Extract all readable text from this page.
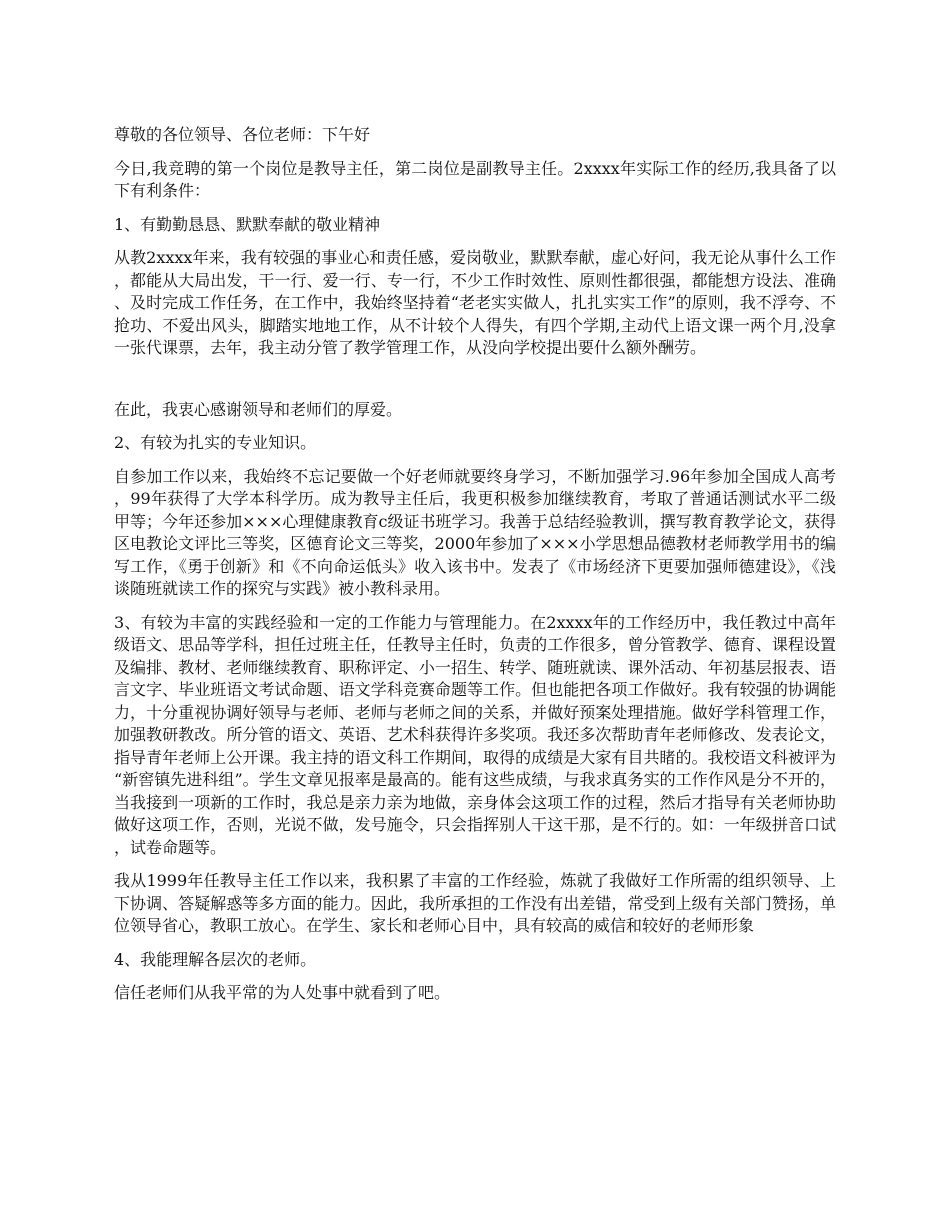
尊敬的各位领导、各位老师：下午好

今日,我竞聘的第一个岗位是教导主任，第二岗位是副教导主任。2xxxx年实际工作的经历,我具备了以下有利条件：

1、有勤勤恳恳、默默奉献的敬业精神

从教2xxxx年来，我有较强的事业心和责任感，爱岗敬业，默默奉献，虚心好问，我无论从事什么工作，都能从大局出发，干一行、爱一行、专一行，不少工作时效性、原则性都很强，都能想方设法、准确、及时完成工作任务，在工作中，我始终坚持着“老老实实做人，扎扎实实工作”的原则，我不浮夸、不抢功、不爱出风头，脚踏实地地工作，从不计较个人得失，有四个学期,主动代上语文课一两个月,没拿一张代课票，去年，我主动分管了教学管理工作，从没向学校提出要什么额外酬劳。

在此，我衷心感谢领导和老师们的厚爱。

2、有较为扎实的专业知识。

自参加工作以来，我始终不忘记要做一个好老师就要终身学习，不断加强学习.96年参加全国成人高考，99年获得了大学本科学历。成为教导主任后，我更积极参加继续教育，考取了普通话测试水平二级甲等；今年还参加×××心理健康教育c级证书班学习。我善于总结经验教训，撰写教育教学论文，获得区电教论文评比三等奖，区德育论文三等奖，2000年参加了×××小学思想品德教材老师教学用书的编写工作，《勇于创新》和《不向命运低头》收入该书中。发表了《市场经济下更要加强师德建设》，《浅谈随班就读工作的探究与实践》被小教科录用。

3、有较为丰富的实践经验和一定的工作能力与管理能力。在2xxxx年的工作经历中，我任教过中高年级语文、思品等学科，担任过班主任，任教导主任时，负责的工作很多，曾分管教学、德育、课程设置及编排、教材、老师继续教育、职称评定、小一招生、转学、随班就读、课外活动、年初基层报表、语言文字、毕业班语文考试命题、语文学科竞赛命题等工作。但也能把各项工作做好。我有较强的协调能力，十分重视协调好领导与老师、老师与老师之间的关系，并做好预案处理措施。做好学科管理工作，加强教研教改。所分管的语文、英语、艺术科获得许多奖项。我还多次帮助青年老师修改、发表论文，指导青年老师上公开课。我主持的语文科工作期间，取得的成绩是大家有目共睹的。我校语文科被评为“新窖镇先进科组”。学生文章见报率是最高的。能有这些成绩，与我求真务实的工作作风是分不开的，当我接到一项新的工作时，我总是亲力亲为地做，亲身体会这项工作的过程，然后才指导有关老师协助做好这项工作，否则，光说不做，发号施令，只会指挥别人干这干那，是不行的。如：一年级拼音口试，试卷命题等。

我从1999年任教导主任工作以来，我积累了丰富的工作经验，炼就了我做好工作所需的组织领导、上下协调、答疑解惑等多方面的能力。因此，我所承担的工作没有出差错，常受到上级有关部门赞扬，单位领导省心，教职工放心。在学生、家长和老师心目中，具有较高的威信和较好的老师形象

4、我能理解各层次的老师。

信任老师们从我平常的为人处事中就看到了吧。
